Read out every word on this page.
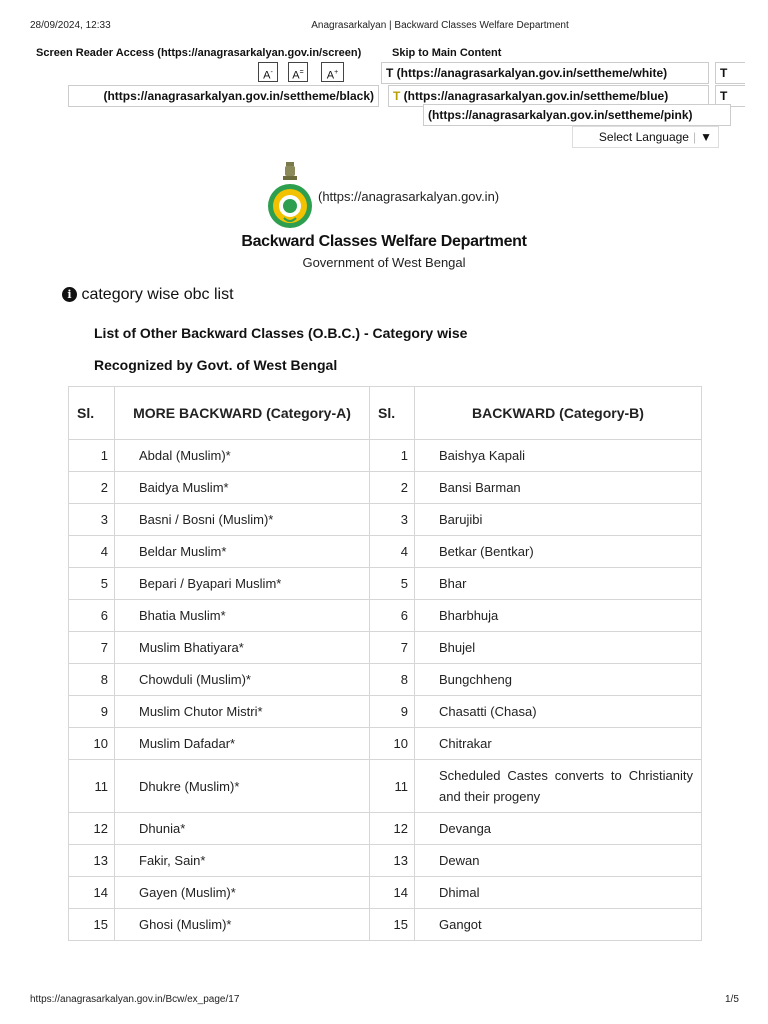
28/09/2024, 12:33	Anagrasarkalyan | Backward Classes Welfare Department
Screen Reader Access (https://anagrasarkalyan.gov.in/screen)	Skip to Main Content
A-	A=	A+	T (https://anagrasarkalyan.gov.in/settheme/white)	T
(https://anagrasarkalyan.gov.in/settheme/black)	T (https://anagrasarkalyan.gov.in/settheme/blue)	T
(https://anagrasarkalyan.gov.in/settheme/pink)
Select Language | ▼
(https://anagrasarkalyan.gov.in)
Backward Classes Welfare Department
Government of West Bengal
i category wise obc list
List of Other Backward Classes (O.B.C.) - Category wise
Recognized by Govt. of West Bengal
Sl.	MORE BACKWARD (Category-A)	Sl.	BACKWARD (Category-B)
1	Abdal (Muslim)*	1	Baishya Kapali
2	Baidya Muslim*	2	Bansi Barman
3	Basni / Bosni (Muslim)*	3	Barujibi
4	Beldar Muslim*	4	Betkar (Bentkar)
5	Bepari / Byapari Muslim*	5	Bhar
6	Bhatia Muslim*	6	Bharbhuja
7	Muslim Bhatiyara*	7	Bhujel
8	Chowduli (Muslim)*	8	Bungchheng
9	Muslim Chutor Mistri*	9	Chasatti (Chasa)
10	Muslim Dafadar*	10	Chitrakar
11	Dhukre (Muslim)*	11	Scheduled Castes converts to Christianity and their progeny
12	Dhunia*	12	Devanga
13	Fakir, Sain*	13	Dewan
14	Gayen (Muslim)*	14	Dhimal
15	Ghosi (Muslim)*	15	Gangot
https://anagrasarkalyan.gov.in/Bcw/ex_page/17	1/5
